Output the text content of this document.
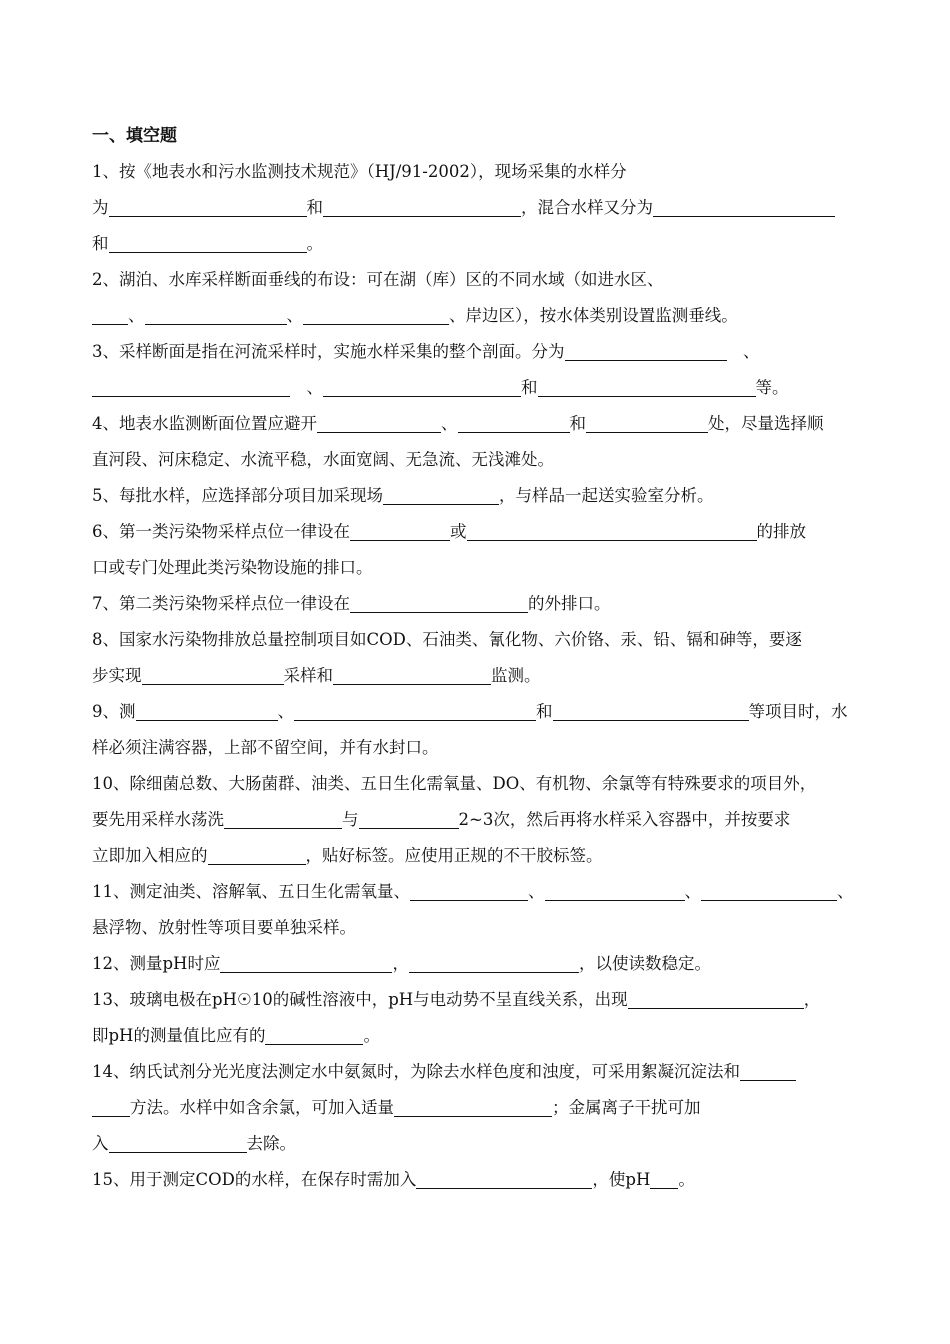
一、填空题
1、按《地表水和污水监测技术规范》（HJ/91-2002），现场采集的水样分
为	和	，混合水样又分为
和	。
2、湖泊、水库采样断面垂线的布设：可在湖（库）区的不同水域（如进水区、
、	、	、岸边区），按水体类别设置监测垂线。
3、采样断面是指在河流采样时，实施水样采集的整个剖面。分为	　、
　、	和	等。
4、地表水监测断面位置应避开	、	和	处，尽量选择顺
直河段、河床稳定、水流平稳，水面宽阔、无急流、无浅滩处。
5、每批水样，应选择部分项目加采现场	，与样品一起送实验室分析。
6、第一类污染物采样点位一律设在	或	的排放
口或专门处理此类污染物设施的排口。
7、第二类污染物采样点位一律设在	的外排口。
8、国家水污染物排放总量控制项目如COD、石油类、氰化物、六价铬、汞、铅、镉和砷等，要逐
步实现	采样和	监测。
9、测	、	和	等项目时，水
样必须注满容器，上部不留空间，并有水封口。
10、除细菌总数、大肠菌群、油类、五日生化需氧量、DO、有机物、余氯等有特殊要求的项目外，
要先用采样水荡洗	与	2~3次，然后再将水样采入容器中，并按要求
立即加入相应的	，贴好标签。应使用正规的不干胶标签。
11、测定油类、溶解氧、五日生化需氧量、	、	、	、
悬浮物、放射性等项目要单独采样。
12、测量pH时应	，	，以使读数稳定。
13、玻璃电极在pH☉10的碱性溶液中，pH与电动势不呈直线关系，出现	，
即pH的测量值比应有的	。
14、纳氏试剂分光光度法测定水中氨氮时，为除去水样色度和浊度，可采用絮凝沉淀法和
方法。水样中如含余氯，可加入适量	；金属离子干扰可加
入	去除。
15、用于测定COD的水样，在保存时需加入	，使pH 。
